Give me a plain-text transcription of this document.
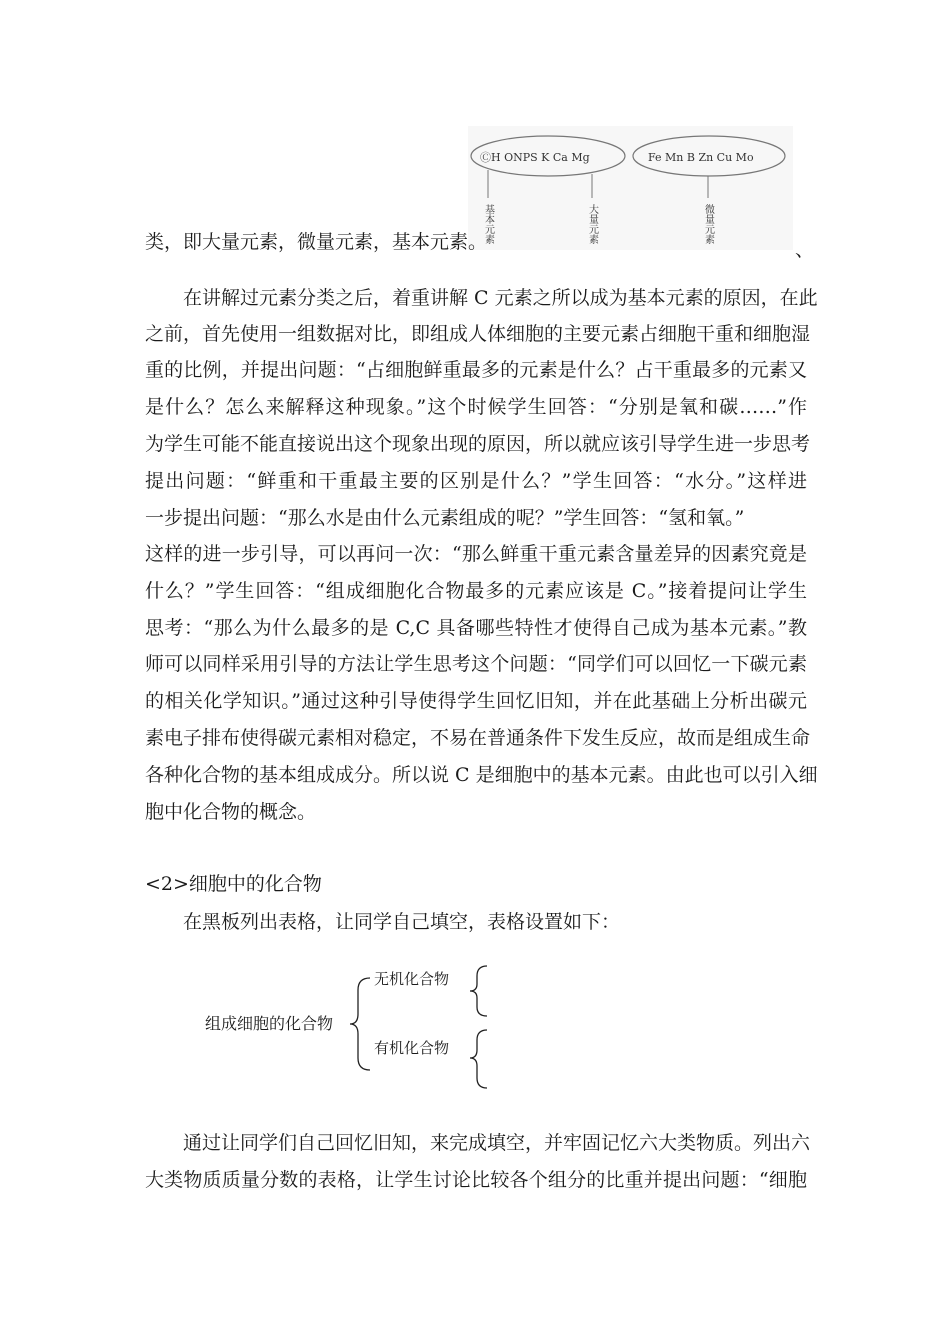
ⒸH ONPS K Ca Mg	Fe Mn B Zn Cu Mo
基本元素	大量元素	微量元素
类，即大量元素，微量元素，基本元素。	、
在讲解过元素分类之后，着重讲解 C 元素之所以成为基本元素的原因，在此
之前，首先使用一组数据对比，即组成人体细胞的主要元素占细胞干重和细胞湿
重的比例，并提出问题：“占细胞鲜重最多的元素是什么？占干重最多的元素又
是什么？怎么来解释这种现象。”这个时候学生回答：“分别是氧和碳……”作
为学生可能不能直接说出这个现象出现的原因，所以就应该引导学生进一步思考
提出问题：“鲜重和干重最主要的区别是什么？”学生回答：“水分。”这样进
一步提出问题：“那么水是由什么元素组成的呢？”学生回答：“氢和氧。”
这样的进一步引导，可以再问一次：“那么鲜重干重元素含量差异的因素究竟是
什么？”学生回答：“组成细胞化合物最多的元素应该是 C。”接着提问让学生
思考：“那么为什么最多的是 C,C 具备哪些特性才使得自己成为基本元素。”教
师可以同样采用引导的方法让学生思考这个问题：“同学们可以回忆一下碳元素
的相关化学知识。”通过这种引导使得学生回忆旧知，并在此基础上分析出碳元
素电子排布使得碳元素相对稳定，不易在普通条件下发生反应，故而是组成生命
各种化合物的基本组成成分。所以说 C 是细胞中的基本元素。由此也可以引入细
胞中化合物的概念。
<2>细胞中的化合物
在黑板列出表格，让同学自己填空，表格设置如下：
组成细胞的化合物
无机化合物
有机化合物
通过让同学们自己回忆旧知，来完成填空，并牢固记忆六大类物质。列出六
大类物质质量分数的表格，让学生讨论比较各个组分的比重并提出问题：“细胞
